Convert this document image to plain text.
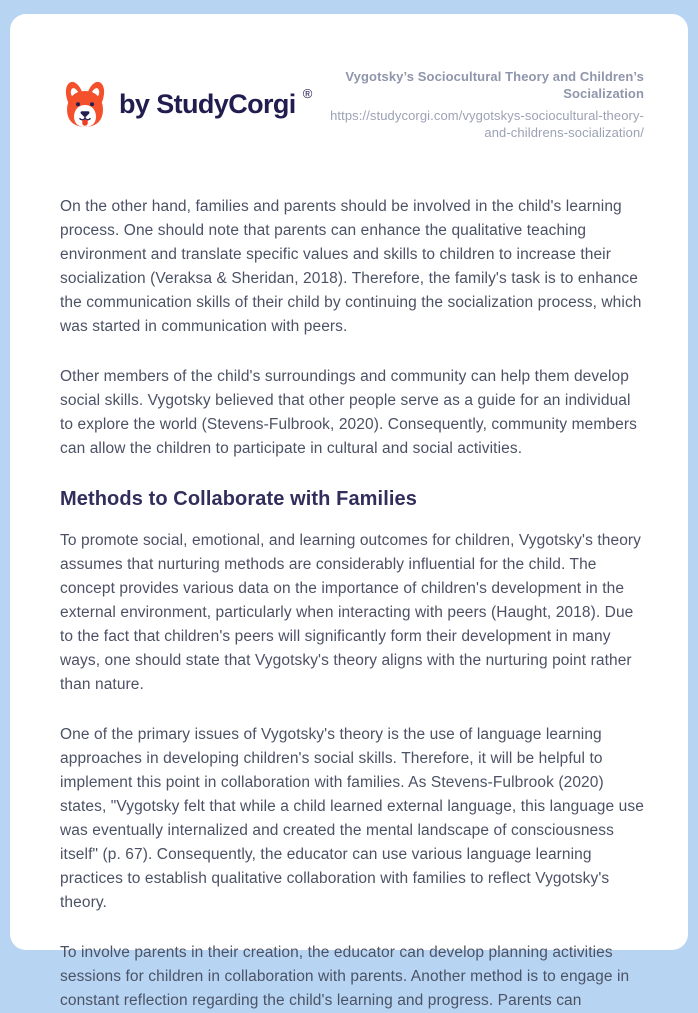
by StudyCorgi ®
Vygotsky’s Sociocultural Theory and Children’s Socialization
https://studycorgi.com/vygotskys-sociocultural-theory-and-childrens-socialization/

On the other hand, families and parents should be involved in the child's learning process. One should note that parents can enhance the qualitative teaching environment and translate specific values and skills to children to increase their socialization (Veraksa & Sheridan, 2018). Therefore, the family's task is to enhance the communication skills of their child by continuing the socialization process, which was started in communication with peers.

Other members of the child's surroundings and community can help them develop social skills. Vygotsky believed that other people serve as a guide for an individual to explore the world (Stevens-Fulbrook, 2020). Consequently, community members can allow the children to participate in cultural and social activities.

Methods to Collaborate with Families

To promote social, emotional, and learning outcomes for children, Vygotsky's theory assumes that nurturing methods are considerably influential for the child. The concept provides various data on the importance of children's development in the external environment, particularly when interacting with peers (Haught, 2018). Due to the fact that children's peers will significantly form their development in many ways, one should state that Vygotsky's theory aligns with the nurturing point rather than nature.

One of the primary issues of Vygotsky's theory is the use of language learning approaches in developing children's social skills. Therefore, it will be helpful to implement this point in collaboration with families. As Stevens-Fulbrook (2020) states, "Vygotsky felt that while a child learned external language, this language use was eventually internalized and created the mental landscape of consciousness itself" (p. 67). Consequently, the educator can use various language learning practices to establish qualitative collaboration with families to reflect Vygotsky's theory.

To involve parents in their creation, the educator can develop planning activities sessions for children in collaboration with parents. Another method is to engage in constant reflection regarding the child's learning and progress. Parents can
